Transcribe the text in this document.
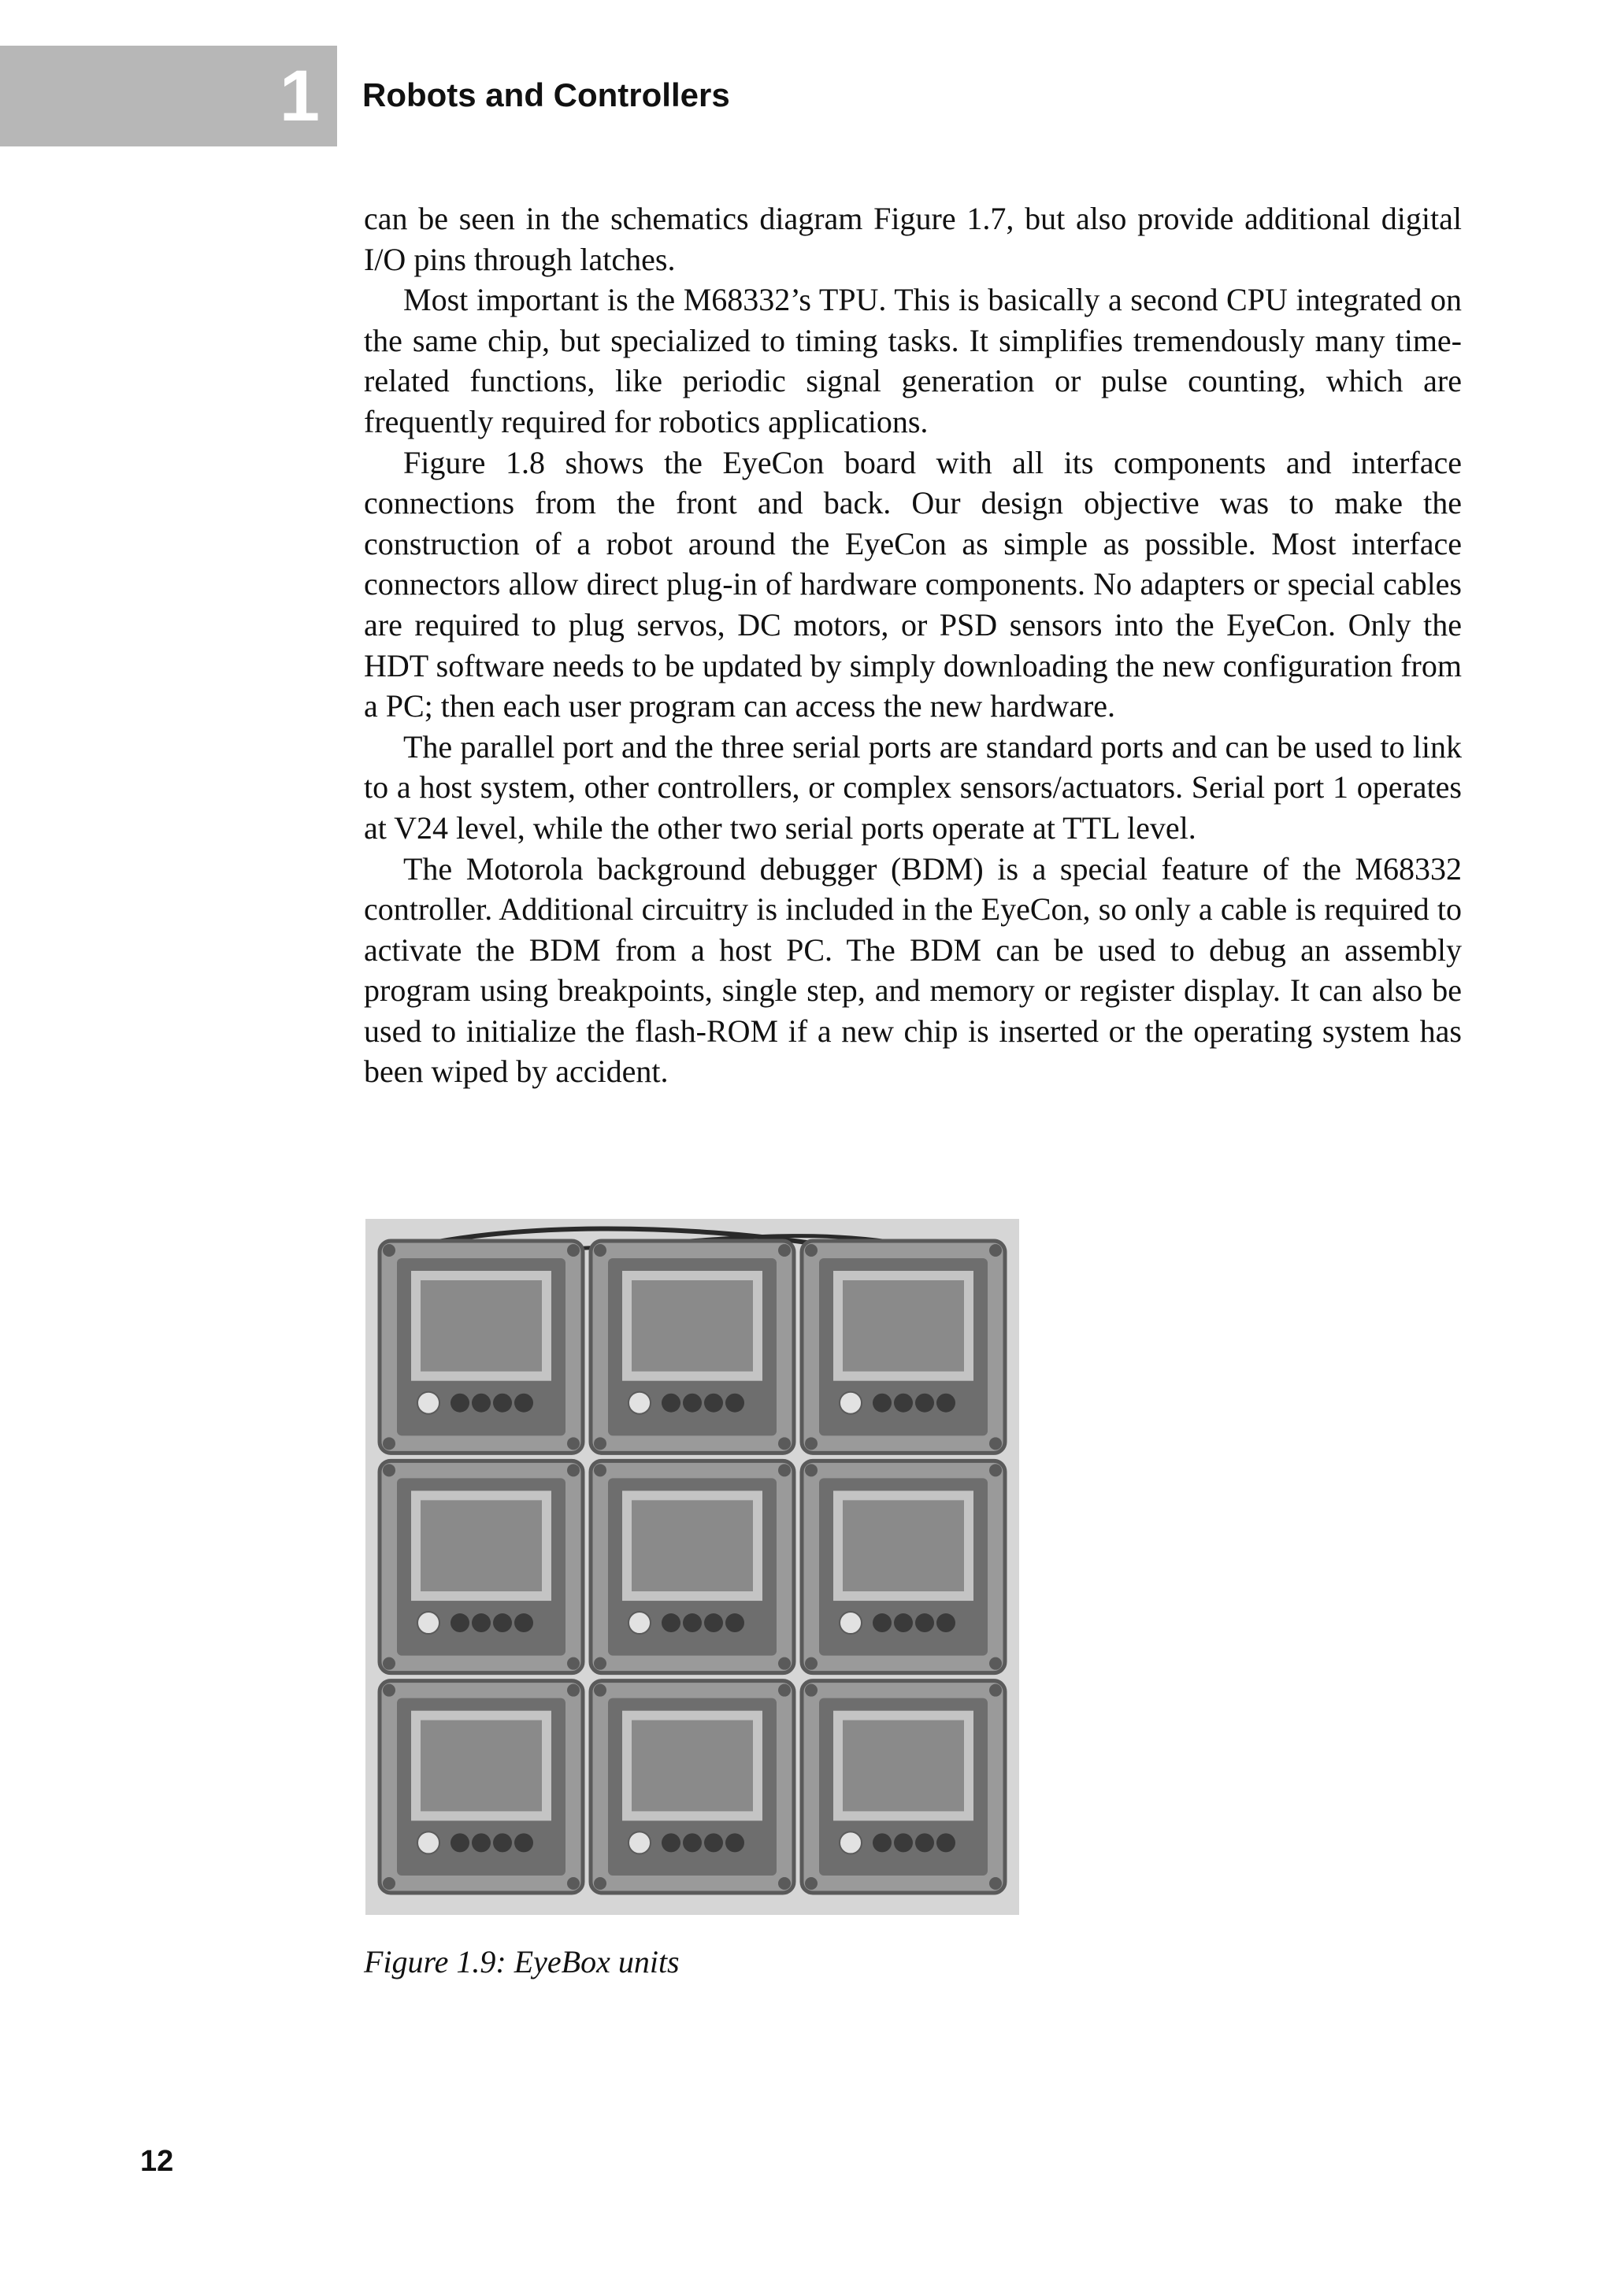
1 Robots and Controllers

can be seen in the schematics diagram Figure 1.7, but also provide additional digital I/O pins through latches.

Most important is the M68332’s TPU. This is basically a second CPU integrated on the same chip, but specialized to timing tasks. It simplifies tremendously many time-related functions, like periodic signal generation or pulse counting, which are frequently required for robotics applications.

Figure 1.8 shows the EyeCon board with all its components and interface connections from the front and back. Our design objective was to make the construction of a robot around the EyeCon as simple as possible. Most interface connectors allow direct plug-in of hardware components. No adapters or special cables are required to plug servos, DC motors, or PSD sensors into the EyeCon. Only the HDT software needs to be updated by simply downloading the new configuration from a PC; then each user program can access the new hardware.

The parallel port and the three serial ports are standard ports and can be used to link to a host system, other controllers, or complex sensors/actuators. Serial port 1 operates at V24 level, while the other two serial ports operate at TTL level.

The Motorola background debugger (BDM) is a special feature of the M68332 controller. Additional circuitry is included in the EyeCon, so only a cable is required to activate the BDM from a host PC. The BDM can be used to debug an assembly program using breakpoints, single step, and memory or register display. It can also be used to initialize the flash-ROM if a new chip is inserted or the operating system has been wiped by accident.

Figure 1.9: EyeBox units

12
